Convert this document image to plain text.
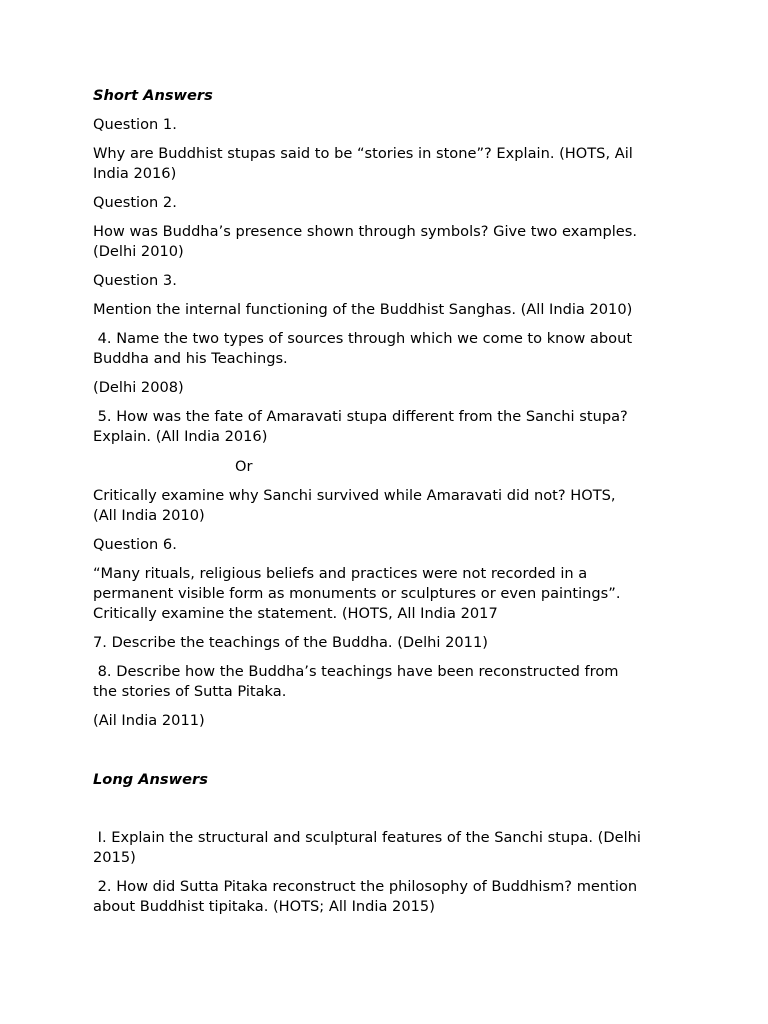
Short Answers
Question 1.
Why are Buddhist stupas said to be “stories in stone”? Explain. (HOTS, Ail
India 2016)
Question 2.
How was Buddha’s presence shown through symbols? Give two examples.
(Delhi 2010)
Question 3.
Mention the internal functioning of the Buddhist Sanghas. (All India 2010)
4. Name the two types of sources through which we come to know about
Buddha and his Teachings.
(Delhi 2008)
5. How was the fate of Amaravati stupa different from the Sanchi stupa?
Explain. (All India 2016)
Or
Critically examine why Sanchi survived while Amaravati did not? HOTS,
(All India 2010)
Question 6.
“Many rituals, religious beliefs and practices were not recorded in a
permanent visible form as monuments or sculptures or even paintings”.
Critically examine the statement. (HOTS, All India 2017
7. Describe the teachings of the Buddha. (Delhi 2011)
8. Describe how the Buddha’s teachings have been reconstructed from
the stories of Sutta Pitaka.
(Ail India 2011)
Long Answers
I. Explain the structural and sculptural features of the Sanchi stupa. (Delhi
2015)
2. How did Sutta Pitaka reconstruct the philosophy of Buddhism? mention
about Buddhist tipitaka. (HOTS; All India 2015)
